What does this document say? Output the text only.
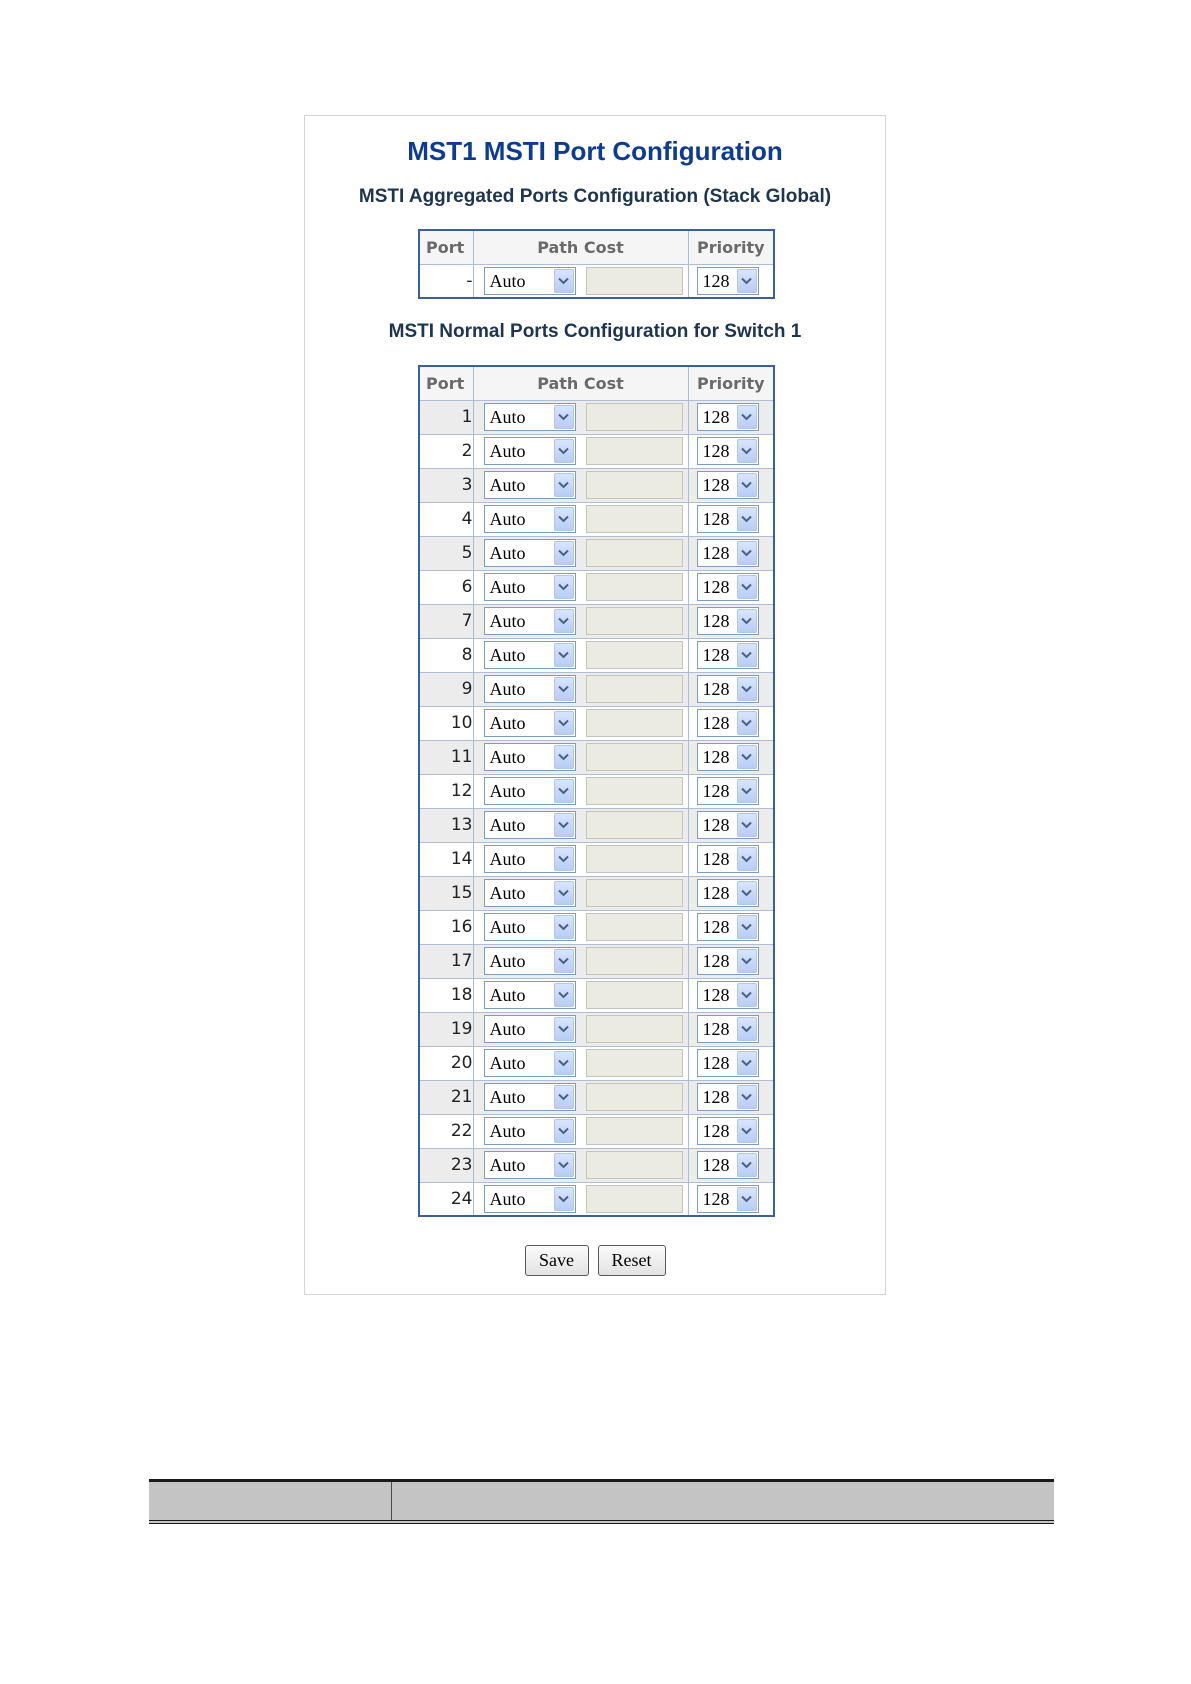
MST1 MSTI Port Configuration
MSTI Aggregated Ports Configuration (Stack Global)
Port	Path Cost	Priority
-	Auto	128
MSTI Normal Ports Configuration for Switch 1
Port	Path Cost	Priority
1	Auto	128

2	Auto	128

3	Auto	128

4	Auto	128

5	Auto	128

6	Auto	128

7	Auto	128

8	Auto	128

9	Auto	128

10	Auto	128

11	Auto	128

12	Auto	128

13	Auto	128

14	Auto	128

15	Auto	128

16	Auto	128

17	Auto	128

18	Auto	128

19	Auto	128

20	Auto	128

21	Auto	128

22	Auto	128

23	Auto	128

24	Auto	128
Save	Reset
